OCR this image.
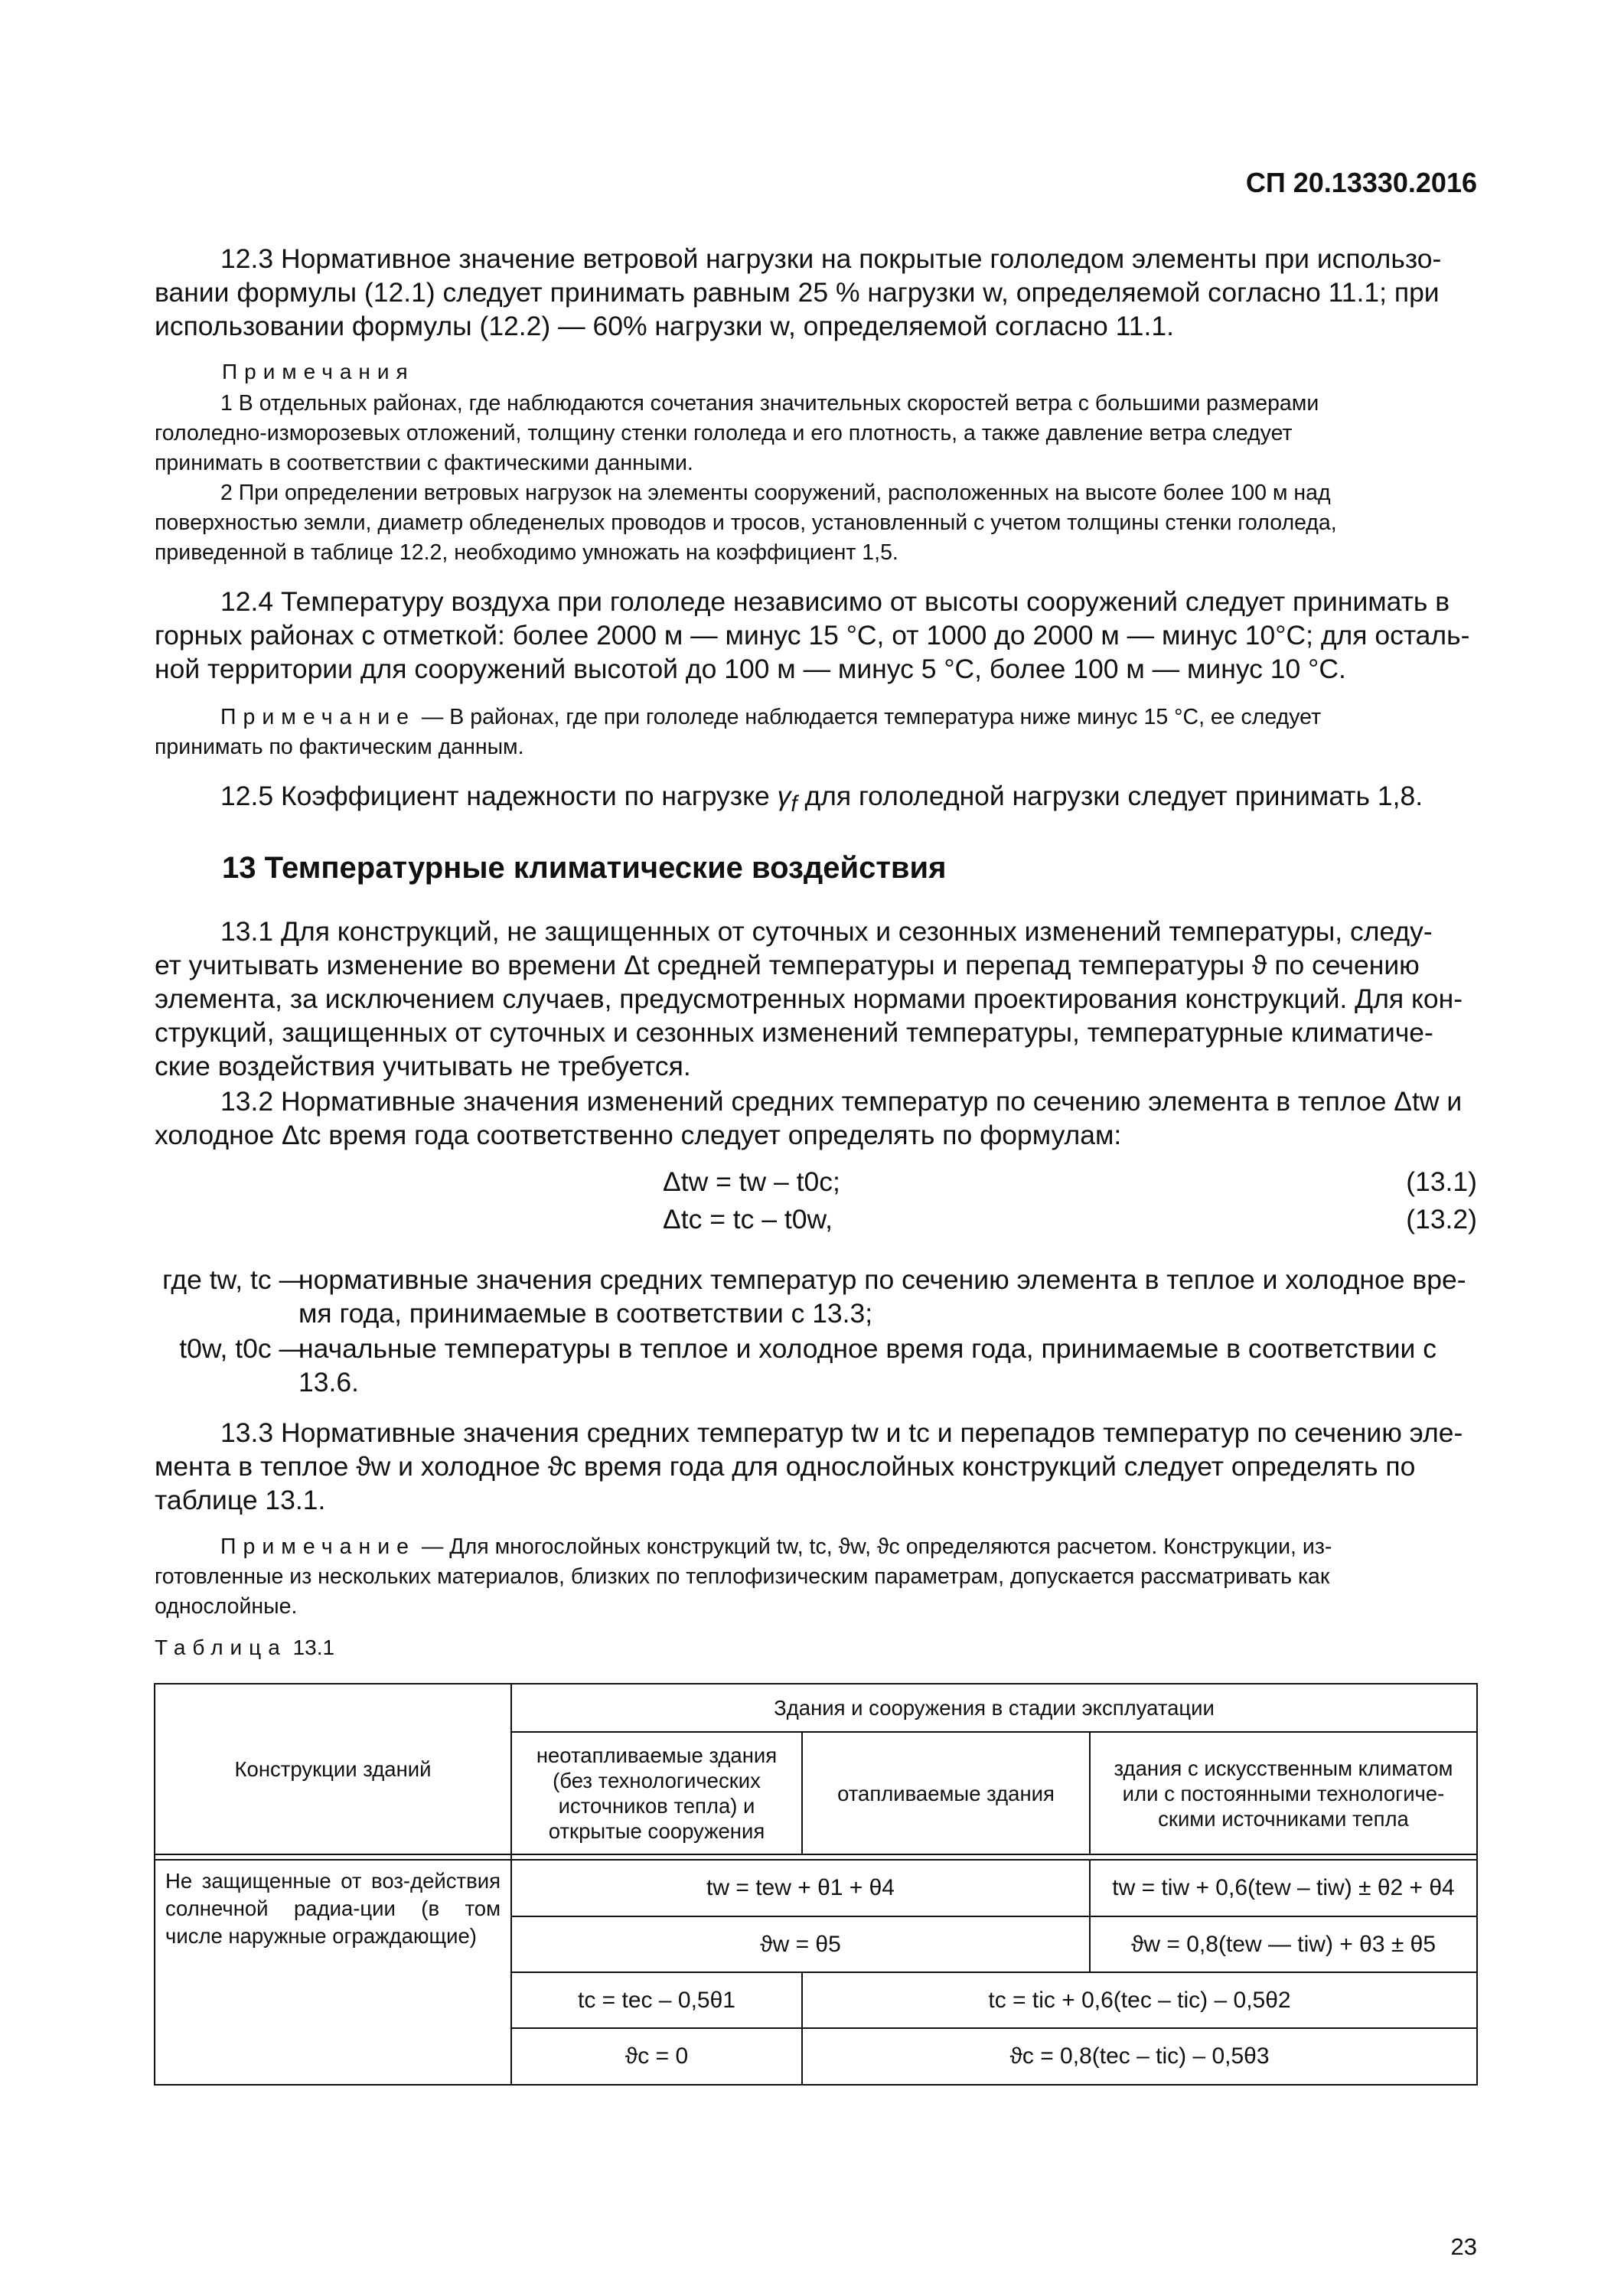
СП 20.13330.2016
12.3 Нормативное значение ветровой нагрузки на покрытые гололедом элементы при использо-
вании формулы (12.1) следует принимать равным 25 % нагрузки w, определяемой согласно 11.1; при
использовании формулы (12.2) — 60% нагрузки w, определяемой согласно 11.1.
Примечания
1 В отдельных районах, где наблюдаются сочетания значительных скоростей ветра с большими размерами
гололедно-изморозевых отложений, толщину стенки гололеда и его плотность, а также давление ветра следует
принимать в соответствии с фактическими данными.
2 При определении ветровых нагрузок на элементы сооружений, расположенных на высоте более 100 м над
поверхностью земли, диаметр обледенелых проводов и тросов, установленный с учетом толщины стенки гололеда,
приведенной в таблице 12.2, необходимо умножать на коэффициент 1,5.
12.4 Температуру воздуха при гололеде независимо от высоты сооружений следует принимать в
горных районах с отметкой: более 2000 м — минус 15 °С, от 1000 до 2000 м — минус 10°С; для осталь-
ной территории для сооружений высотой до 100 м — минус 5 °С, более 100 м — минус 10 °С.
Примечание — В районах, где при гололеде наблюдается температура ниже минус 15 °С, ее следует
принимать по фактическим данным.
12.5 Коэффициент надежности по нагрузке $\gamma_f$ для гололедной нагрузки следует принимать 1,8.
13 Температурные климатические воздействия
13.1 Для конструкций, не защищенных от суточных и сезонных изменений температуры, следу-
ет учитывать изменение во времени Δt средней температуры и перепад температуры ϑ по сечению
элемента, за исключением случаев, предусмотренных нормами проектирования конструкций. Для кон-
струкций, защищенных от суточных и сезонных изменений температуры, температурные климатиче-
ские воздействия учитывать не требуется.
13.2 Нормативные значения изменений средних температур по сечению элемента в теплое Δtw и
холодное Δtc время года соответственно следует определять по формулам:
Δtw = tw – t0c;	(13.1)
Δtc = tc – t0w,	(13.2)
где tw, tc —
нормативные значения средних температур по сечению элемента в теплое и холодное вре-
мя года, принимаемые в соответствии с 13.3;
t0w, t0c —
начальные температуры в теплое и холодное время года, принимаемые в соответствии с
13.6.
13.3 Нормативные значения средних температур tw и tc и перепадов температур по сечению эле-
мента в теплое ϑw и холодное ϑc время года для однослойных конструкций следует определять по
таблице 13.1.
Примечание — Для многослойных конструкций tw, tc, ϑw, ϑc определяются расчетом. Конструкции, из-
готовленные из нескольких материалов, близких по теплофизическим параметрам, допускается рассматривать как
однослойные.
Таблица 13.1
Конструкции зданий
Здания и сооружения в стадии эксплуатации
неотапливаемые здания (без технологических источников тепла) и открытые сооружения
отапливаемые здания
здания с искусственным климатом или с постоянными технологиче-скими источниками тепла
Не защищенные от воз-действия солнечной радиа-ции (в том числе наружные ограждающие)
tw = tew + θ1 + θ4	tw = tiw + 0,6(tew – tiw) ± θ2 + θ4
ϑw = θ5	ϑw = 0,8(tew — tiw) + θ3 ± θ5
tc = tec – 0,5θ1	tc = tic + 0,6(tec – tic) – 0,5θ2
ϑc = 0	ϑc = 0,8(tec – tic) – 0,5θ3
23
